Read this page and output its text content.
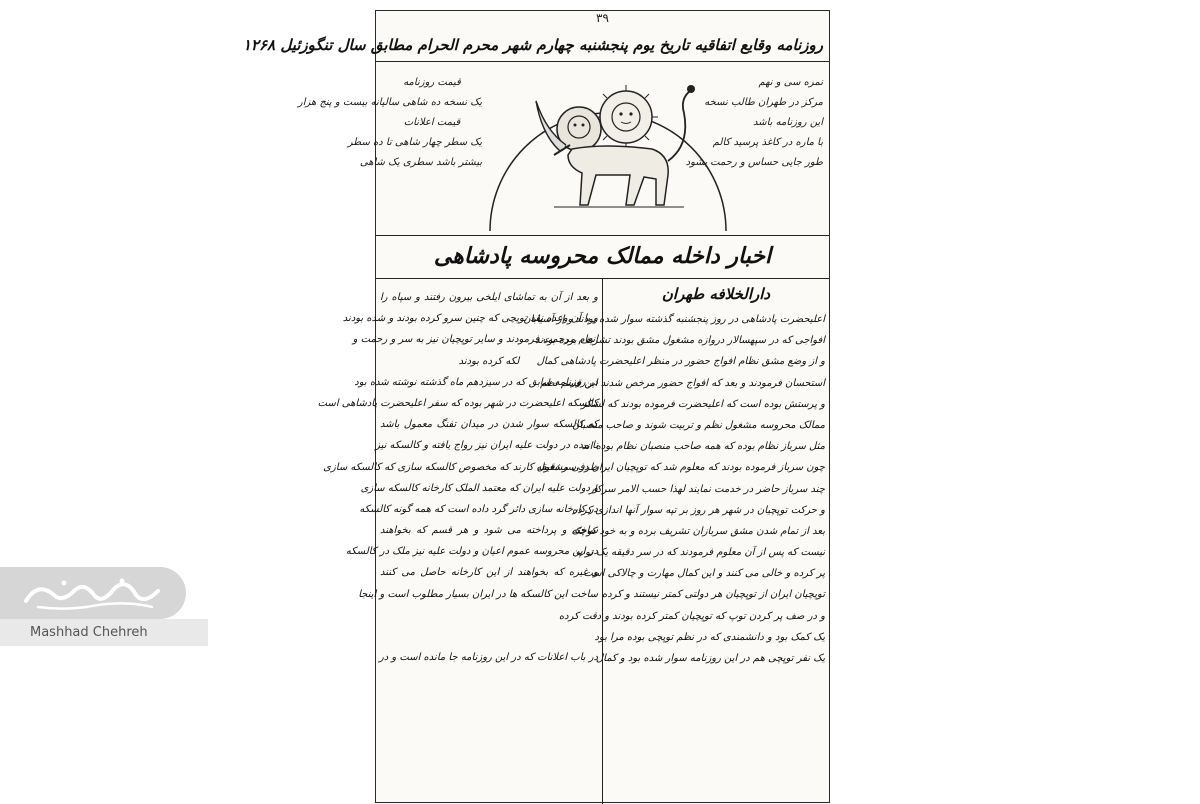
۳۹
روزنامه وقایع اتفاقیه تاریخ یوم پنجشنبه چهارم شهر محرم الحرام مطابق سال تنگوزئیل ۱۲۶۸
نمره سی و نهم
مرکز در طهران طالب نسخه
این روزنامه باشد
با ماره در کاغذ پرسید کالم
طور جایی حساس و رحمت بشود
قیمت روزنامه
یک نسخه ده شاهی سالیانه بیست و پنج هزار
قیمت اعلانات
یک سطر چهار شاهی تا ده سطر
بیشتر باشد سطری یک شاهی
اخبار داخله ممالک محروسه پادشاهی
دارالخلافه طهران
اعلیحضرت پادشاهی در روز پنجشنبه گذشته سوار شده بودند و از آسیابان
افواجی که در سپهسالار دروازه مشغول مشق بودند تشریف برده بودند
و از وضع مشق نظام افواج حضور در منظر اعلیحضرت پادشاهی کمال
استحسان فرمودند و بعد که افواج حضور مرخص شدند این قسم نظم
و پرستش بوده است که اعلیحضرت فرموده بودند که لشکر
ممالک محروسه مشغول نظم و تربیت شوند و صاحب منصبان
مثل سرباز نظام بوده که همه صاحب منصبان نظام بوده اند
چون سرباز فرموده بودند که معلوم شد که توپچیان ایران در سر دقیقه
چند سرباز حاضر در خدمت نمایند لهذا حسب الامر سرکار
و حرکت توپچیان در شهر هر روز بر تپه سوار آنها اندازی کرده
بعد از تمام شدن مشق سربازان تشریف برده و به خود کوچک
نیست که پس از آن معلوم فرمودند که در سر دقیقه یک توپ
پر کرده و خالی می کنند و این کمال مهارت و چالاکی است
توپچیان ایران از توپچیان هر دولتی کمتر نیستند و کرده
و در صف پر کردن توپ که توپچیان کمتر کرده بودند و دقت کرده
یک کمک بود و دانشمندی که در نظم توپچی بوده مرا بود
یک نفر توپچی هم در این روزنامه سوار شده بود و کمال
و بعد از آن به تماشای ایلخی بیرون رفتند و سپاه را
و با آن وعده نقد توپچی که چنین سرو کرده بودند و شده بودند
انعام مرحمت فرمودند و سایر توپچیان نیز به سر و رحمت و
لکه کرده بودند
در روزنامه سابق که در سیزدهم ماه گذشته نوشته شده بود
کالسکه اعلیحضرت در شهر بوده که سفر اعلیحضرت پادشاهی است
که کالسکه سوار شدن در میدان تفنگ معمول باشد
نا مده در دولت علیه ایران نیز رواج یافته و کالسکه نیز
طرفی مشغول کارند که مخصوص کالسکه سازی که کالسکه سازی
و دولت علیه ایران که معتمد الملک کارخانه کالسکه سازی
در کارخانه سازی دائر گرد داده است که همه گونه کالسکه
ساخته و پرداخته می شود و هر قسم که بخواهند
در این محروسه عموم اعیان و دولت علیه نیز ملک در کالسکه
و غیره که بخواهند از این کارخانه حاصل می کنند
ساخت این کالسکه ها در ایران بسیار مطلوب است و اینجا
در باب اعلانات که در این روزنامه جا مانده است و در
Mashhad Chehreh
